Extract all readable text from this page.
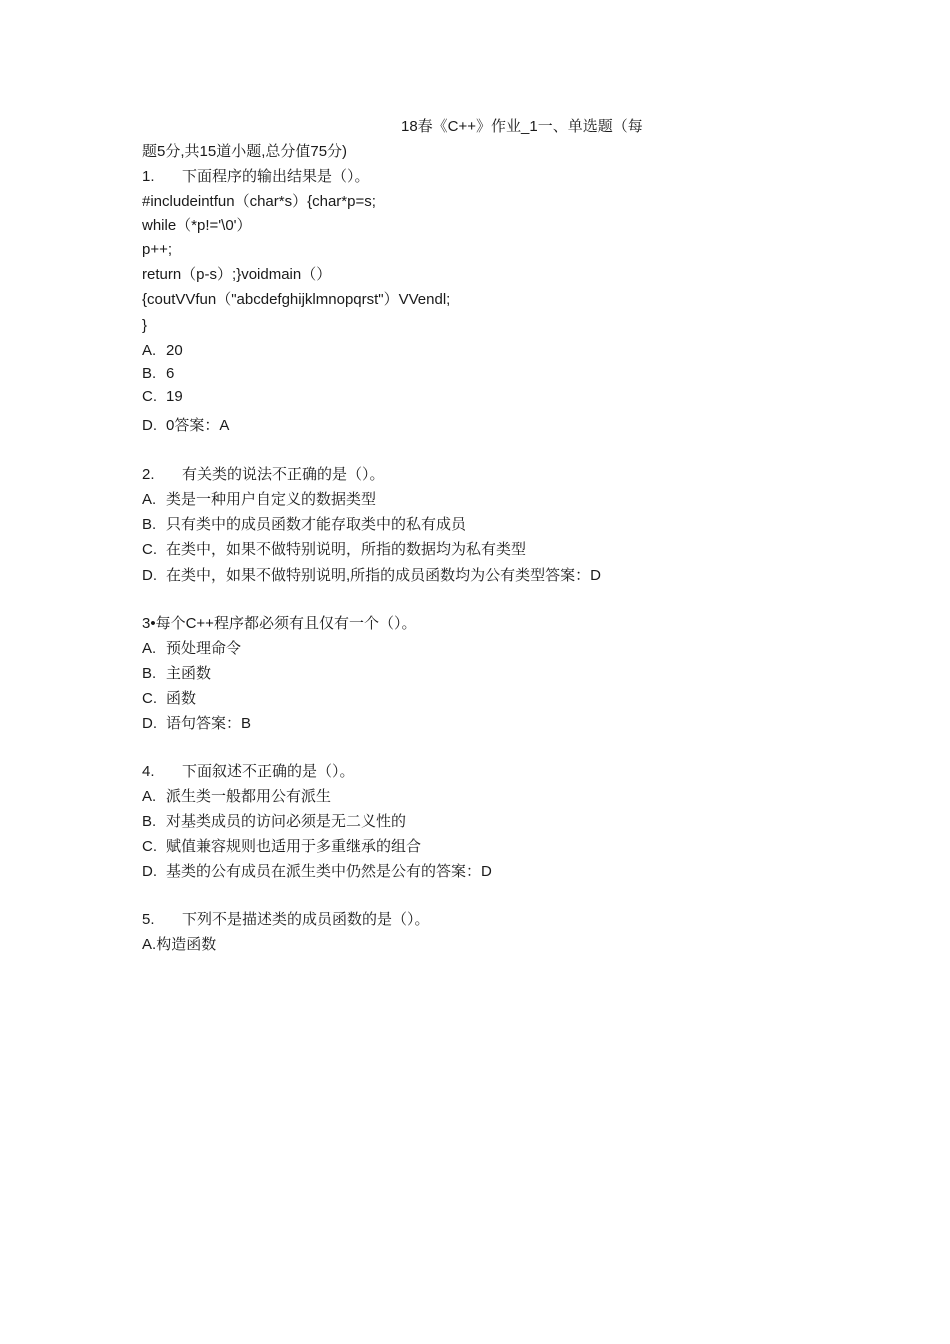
18春《C++》作业_1一、单选题（每
题5分,共15道小题,总分值75分)
1. 下面程序的输出结果是（）。
#includeintfun（char*s）{char*p=s;
while（*p!='\0'）
p++;
return（p-s）;}voidmain（）
{coutVVfun（"abcdefghijklmnopqrst"）VVendl;
}
A. 20
B. 6
C. 19
D. 0答案：A
2. 有关类的说法不正确的是（）。
A. 类是一种用户自定义的数据类型
B. 只有类中的成员函数才能存取类中的私有成员
C. 在类中，如果不做特别说明，所指的数据均为私有类型
D. 在类中，如果不做特别说明,所指的成员函数均为公有类型答案：D
3•每个C++程序都必须有且仅有一个（）。
A. 预处理命令
B. 主函数
C. 函数
D. 语句答案：B
4. 下面叙述不正确的是（）。
A. 派生类一般都用公有派生
B. 对基类成员的访问必须是无二义性的
C. 赋值兼容规则也适用于多重继承的组合
D. 基类的公有成员在派生类中仍然是公有的答案：D
5. 下列不是描述类的成员函数的是（）。
A.构造函数
